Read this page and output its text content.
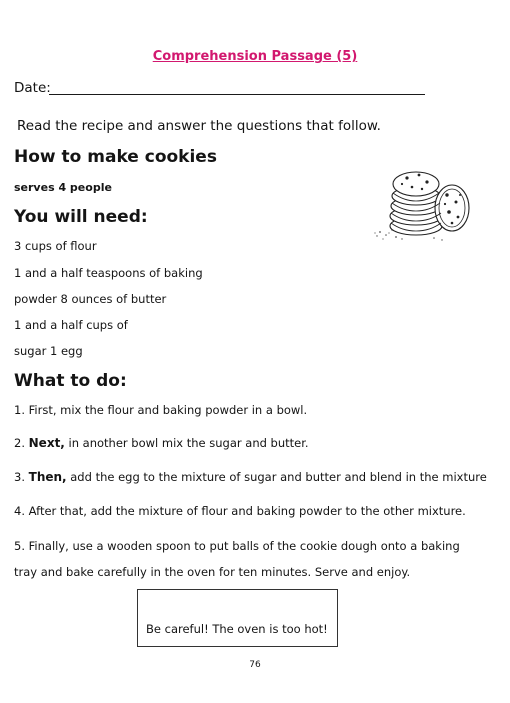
Comprehension Passage (5)
Date:
Read the recipe and answer the questions that follow.
How to make cookies
serves 4 people
You will need:
3 cups of flour
1 and a half teaspoons of baking
powder 8 ounces of butter
1 and a half cups of
sugar 1 egg
What to do:
1. First, mix the flour and baking powder in a bowl.
2. Next, in another bowl mix the sugar and butter.
3. Then, add the egg to the mixture of sugar and butter and blend in the mixture
4. After that, add the mixture of flour and baking powder to the other mixture.
5. Finally, use a wooden spoon to put balls of the cookie dough onto a baking
tray and bake carefully in the oven for ten minutes. Serve and enjoy.
Be careful! The oven is too hot!
76
